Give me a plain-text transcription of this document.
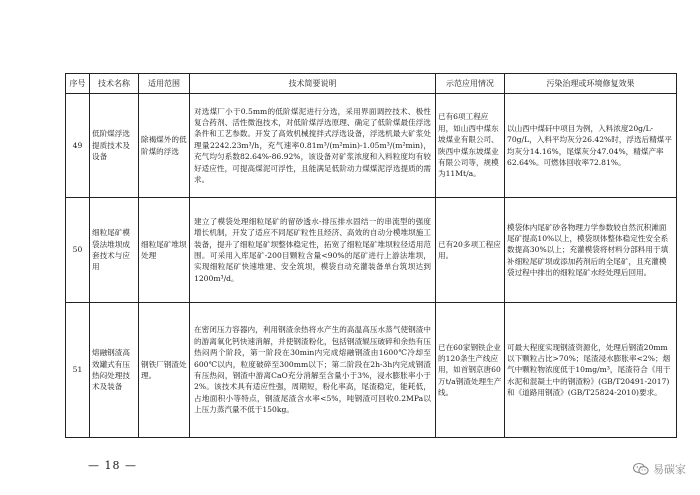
序号	技术名称	适用范围	技术简要说明	示范应用情况	污染治理或环境修复效果
49	低阶煤浮选提质技术及设备	除褐煤外的低阶煤的浮选	对选煤厂小于0.5mm的低阶煤泥进行分选，采用界面调控技术、极性复合药剂、活性微泡技术，对低阶煤浮选原理、确定了低阶煤最佳浮选条件和工艺参数。开发了高效机械搅拌式浮选设备，浮选机最大矿浆处理量2242.23m³/h，充气速率0.81m³/(m²min)-1.05m³/(m²min)，充气均匀系数82.64%-86.92%，该设备对矿浆浓度和入料粒度均有较好适应性，可提高煤泥可浮性，且能满足低阶动力煤煤泥浮选提质的需求。	已有6项工程应用，如山西中煤东坡煤业有限公司、陕西中煤东坡煤业有限公司等，规模为11Mt/a。	以山西中煤矸中项目为例，入料浓度20g/L-70g/L，入料平均灰分26.42%时，浮选后精煤平均灰分14.16%，尾煤灰分47.04%，精煤产率62.64%。可燃体回收率72.81%。
50	细粒尾矿模袋法堆坝成套技术与应用	细粒尾矿堆坝处理	建立了模袋处理细粒尾矿的留砂透水-排压排水固结一的串流型的强度增长机制，开发了适应不同尾矿粒性且经济、高效的自动分模堆坝施工装备，提升了细粒尾矿坝整体稳定性，拓宽了细粒尾矿堆坝粒径适用范围。可采用入库尾矿-200目颗粒含量<90%的尾矿进行上游法堆坝，实现细粒尾矿快速堆建、安全筑坝，模袋自动充灌装备单台筑坝达到1200m³/d。	已有20多项工程应用。	模袋体内尾矿砂各物理力学参数较自然沉积滩面尾矿提高10%以上，模袋坝体整体稳定性安全系数提高30%以上；充灌模袋将材料分部料用于填补细粒尾矿坝或添加药剂后的全尾矿，且充灌模袋过程中排出的细粒尾矿水经处理后回用。
51	熔融钢渣高效罐式有压热闷处理技术及装备	钢铁厂钢渣处理。	在密闭压力容器内，利用钢渣余热将水产生的高温高压水蒸气使钢渣中的游离氧化钙快速消解，并使钢渣粉化，包括钢渣辊压破碎和余热有压热闷两个阶段，第一阶段在30min内完成熔融钢渣由1600℃冷却至600℃以内，粒度破碎至300mm以下；第二阶段在2h-3h内完成钢渣有压热闷，钢渣中游离CaO充分消解至含量小于3%，浸水膨胀率小于2%。该技术具有适应性强，周期短，粉化率高，尾渣稳定，能耗低，占地面积小等特点，钢渣尾渣含水率<5%，吨钢渣可回收0.2MPa以上压力蒸汽量不低于150kg。	已在60家钢铁企业的120条生产线应用，如首钢京唐60万t/a钢渣处理生产线。	可最大程度实现钢渣资源化，处理后钢渣20mm以下颗粒占比>70%；尾渣浸水膨胀率<2%；烟气中颗粒物浓度低于10mg/m³，尾渣符合《用于水泥和混凝土中的钢渣粉》(GB/T20491-2017)和《道路用钢渣》(GB/T25824-2010)要求。
— 18 —	易碳家
